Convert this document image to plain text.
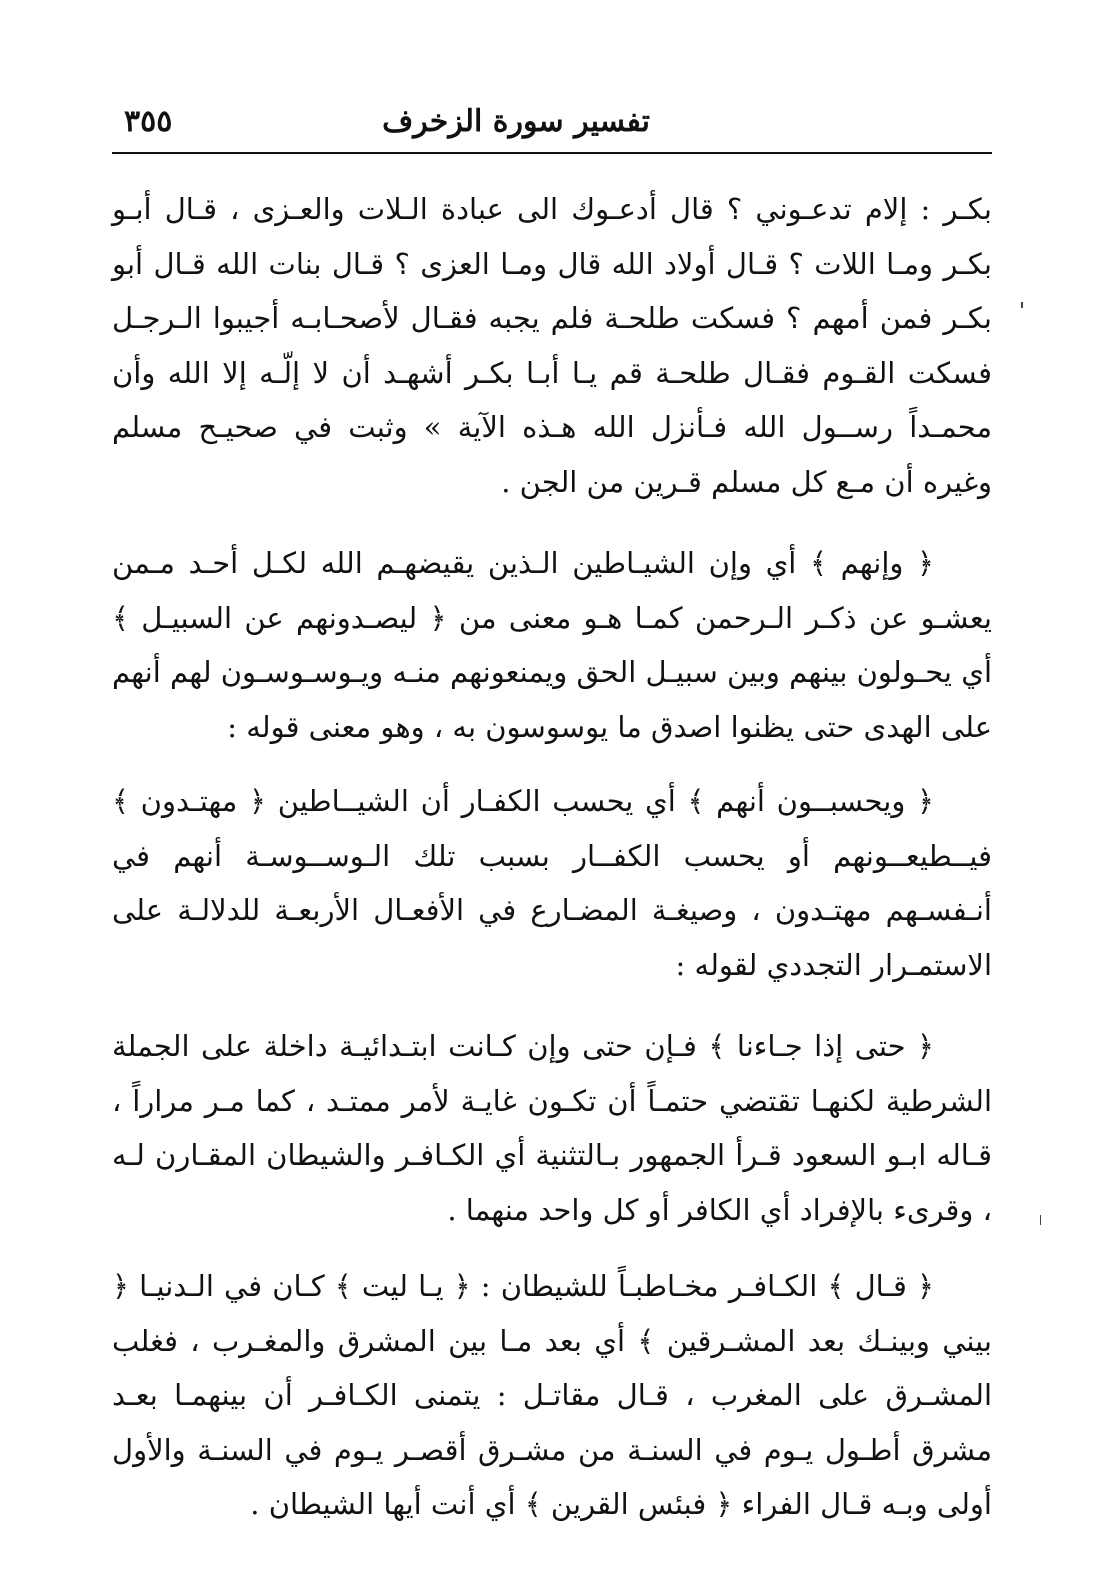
تفسير سورة الزخرف
٣٥٥

بكـر : إلام تدعـوني ؟ قال أدعـوك الى عبادة الـلات والعـزى ، قـال أبـو بكـر ومـا اللات ؟ قـال أولاد الله قال ومـا العزى ؟ قـال بنات الله قـال أبو بكـر فمن أمهم ؟ فسكت طلحـة فلم يجبه فقـال لأصحـابـه أجيبوا الـرجـل فسكت القـوم فقـال طلحـة قم يـا أبـا بكـر أشهـد أن لا إلّـه إلا الله وأن محمـداً رســول الله فـأنزل الله هـذه الآية » وثبت في صحيـح مسلم وغيره أن مـع كل مسلم قـرين من الجن .

﴿ وإنهم ﴾ أي وإن الشيـاطين الـذين يقيضهـم الله لكـل أحـد مـمن يعشـو عن ذكـر الـرحمن كمـا هـو معنى من ﴿ ليصـدونهم عن السبيـل ﴾ أي يحـولون بينهم وبين سبيـل الحق ويمنعونهم منـه ويـوسـوسـون لهم أنهم على الهدى حتى يظنوا اصدق ما يوسوسون به ، وهو معنى قوله :

﴿ ويحسبــون أنهم ﴾ أي يحسب الكفـار أن الشيــاطين ﴿ مهتـدون ﴾ فيــطيعــونهم أو يحسب الكفــار بسبب تلك الـوســوسـة أنهم في أنـفسـهم مهتـدون ، وصيغـة المضـارع في الأفعـال الأربعـة للدلالـة على الاستمـرار التجددي لقوله :

﴿ حتى إذا جـاءنا ﴾ فـإن حتى وإن كـانت ابتـدائيـة داخلة على الجملة الشرطية لكنهـا تقتضي حتمـاً أن تكـون غايـة لأمر ممتـد ، كما مـر مراراً ، قـاله ابـو السعود قـرأ الجمهور بـالتثنية أي الكـافـر والشيطان المقـارن لـه ، وقرىء بالإفراد أي الكافر أو كل واحد منهما .

﴿ قـال ﴾ الكـافـر مخـاطبـاً للشيطان : ﴿ يـا ليت ﴾ كـان في الـدنيـا ﴿ بيني وبينـك بعد المشـرقين ﴾ أي بعد مـا بين المشرق والمغـرب ، فغلب المشـرق على المغرب ، قـال مقاتـل : يتمنى الكـافـر أن بينهمـا بعـد مشرق أطـول يـوم في السنـة من مشـرق أقصـر يـوم في السنـة والأول أولى وبـه قـال الفراء ﴿ فبئس القرين ﴾ أي أنت أيها الشيطان .
